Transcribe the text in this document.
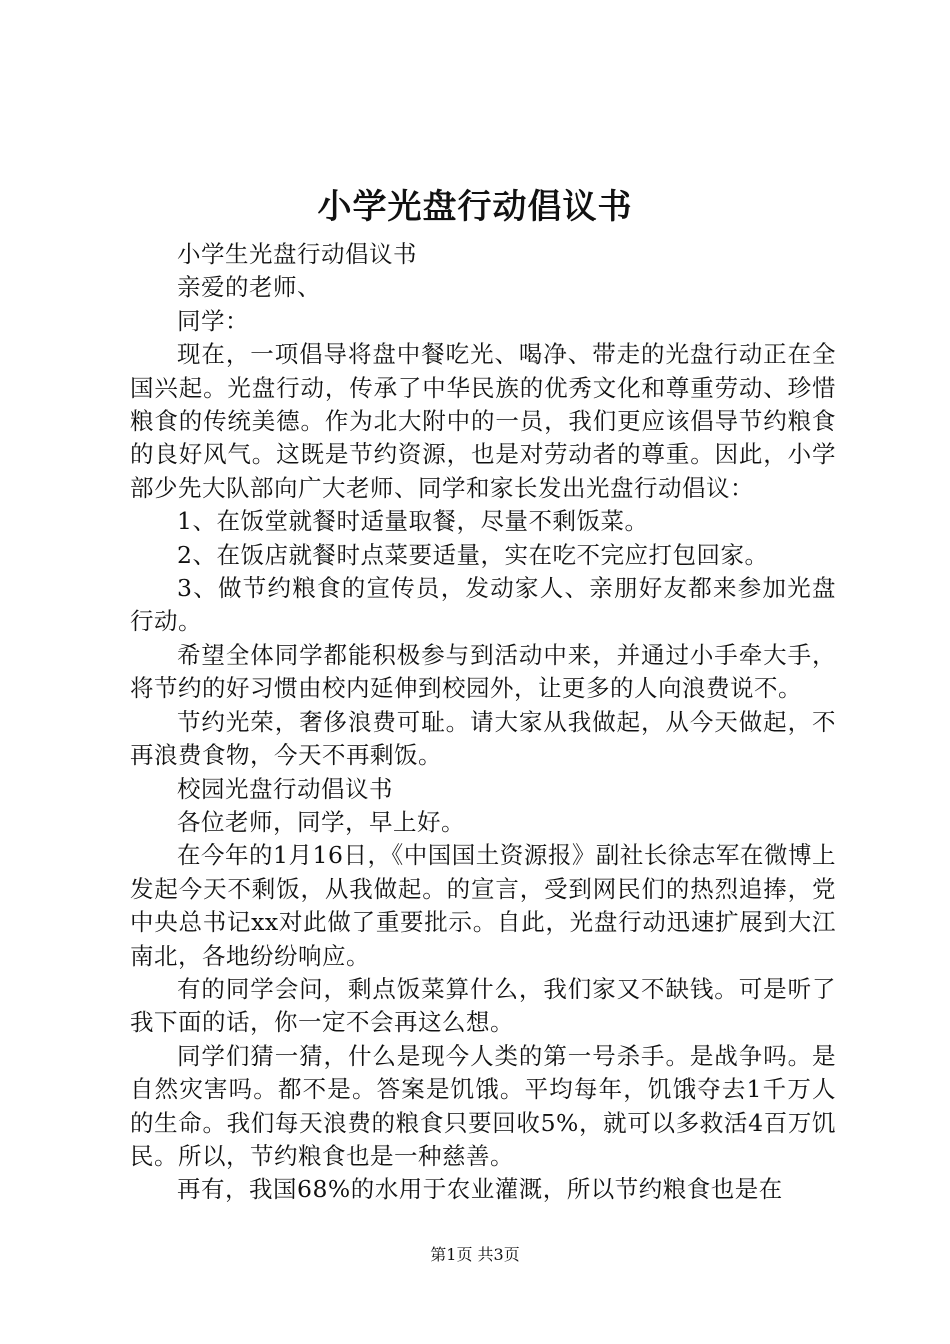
小学光盘行动倡议书

小学生光盘行动倡议书

亲爱的老师、

同学：

现在，一项倡导将盘中餐吃光、喝净、带走的光盘行动正在全国兴起。光盘行动，传承了中华民族的优秀文化和尊重劳动、珍惜粮食的传统美德。作为北大附中的一员，我们更应该倡导节约粮食的良好风气。这既是节约资源，也是对劳动者的尊重。因此，小学部少先大队部向广大老师、同学和家长发出光盘行动倡议：

1、在饭堂就餐时适量取餐，尽量不剩饭菜。

2、在饭店就餐时点菜要适量，实在吃不完应打包回家。

3、做节约粮食的宣传员，发动家人、亲朋好友都来参加光盘行动。

希望全体同学都能积极参与到活动中来，并通过小手牵大手，将节约的好习惯由校内延伸到校园外，让更多的人向浪费说不。

节约光荣，奢侈浪费可耻。请大家从我做起，从今天做起，不再浪费食物，今天不再剩饭。

校园光盘行动倡议书

各位老师，同学，早上好。

在今年的1月16日，《中国国土资源报》副社长徐志军在微博上发起今天不剩饭，从我做起。的宣言，受到网民们的热烈追捧，党中央总书记xx对此做了重要批示。自此，光盘行动迅速扩展到大江南北，各地纷纷响应。

有的同学会问，剩点饭菜算什么，我们家又不缺钱。可是听了我下面的话，你一定不会再这么想。

同学们猜一猜，什么是现今人类的第一号杀手。是战争吗。是自然灾害吗。都不是。答案是饥饿。平均每年，饥饿夺去1千万人的生命。我们每天浪费的粮食只要回收5%，就可以多救活4百万饥民。所以，节约粮食也是一种慈善。

再有，我国68%的水用于农业灌溉，所以节约粮食也是在

第1页 共3页
